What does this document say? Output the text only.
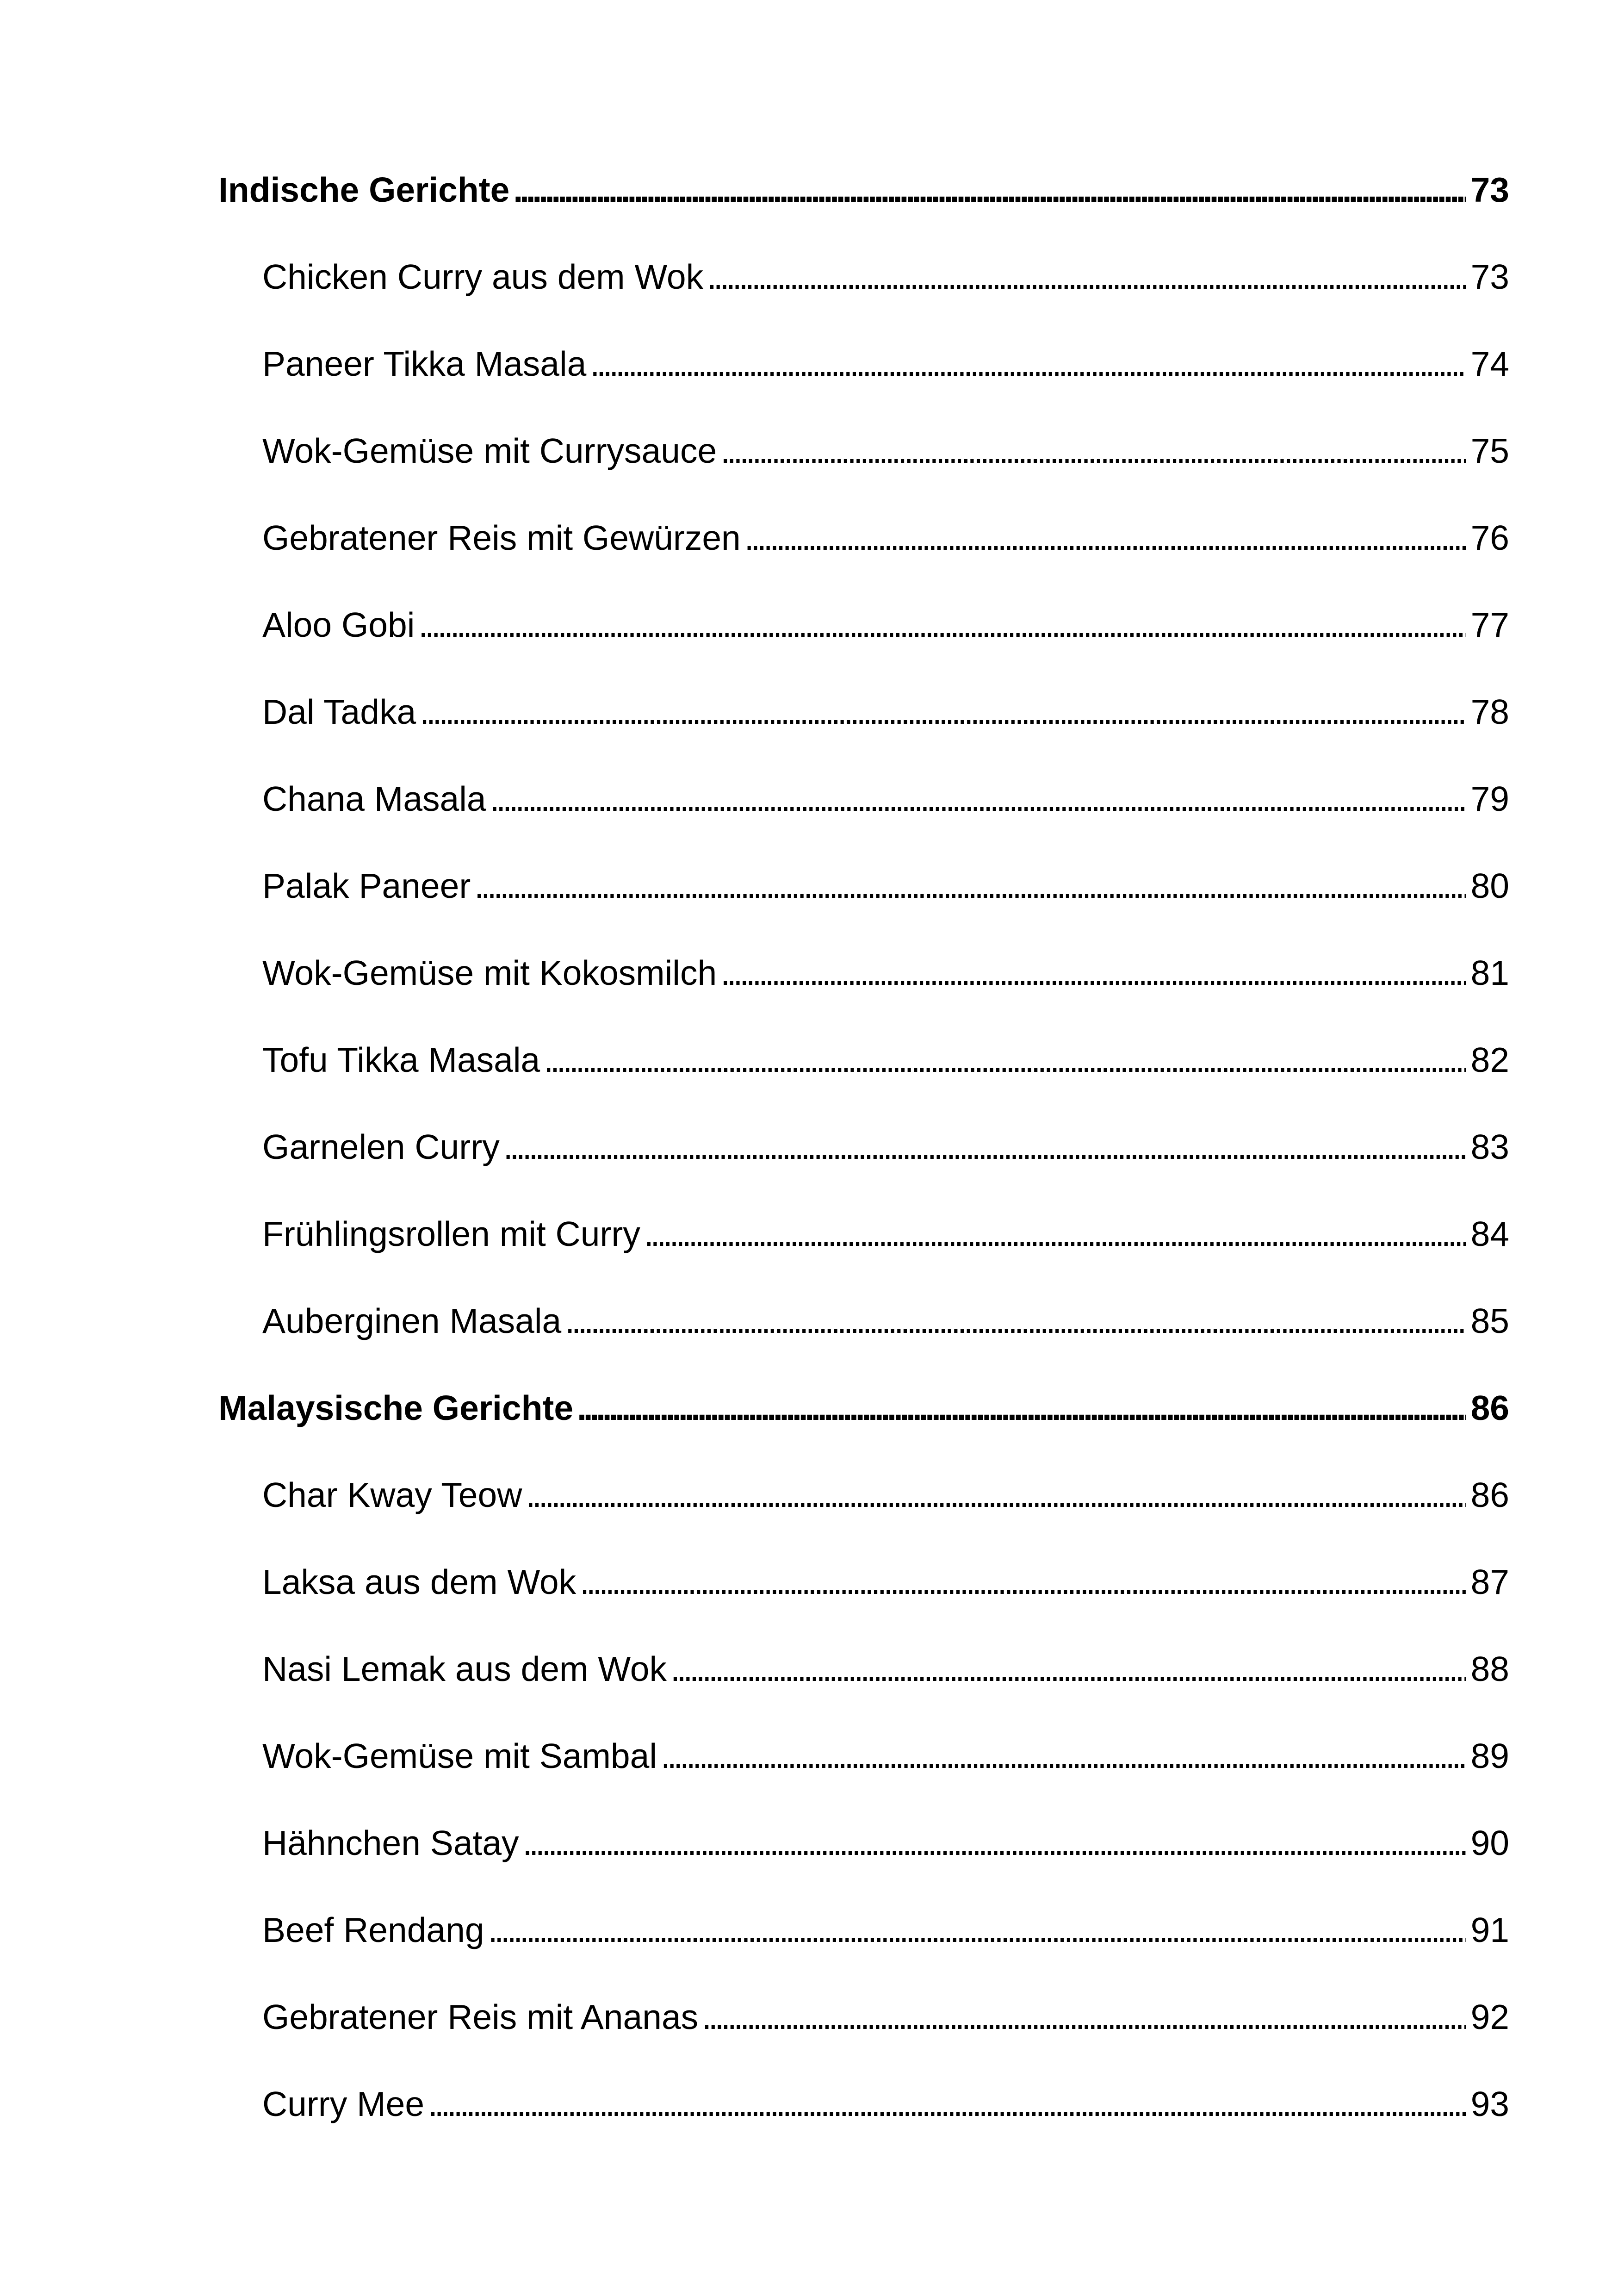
Indische Gerichte . . .	73
Chicken Curry aus dem Wok . . .	73
Paneer Tikka Masala . . .	74
Wok-Gemüse mit Currysauce . . .	75
Gebratener Reis mit Gewürzen . . .	76
Aloo Gobi . . .	77
Dal Tadka . . .	78
Chana Masala . . .	79
Palak Paneer . . .	80
Wok-Gemüse mit Kokosmilch . . .	81
Tofu Tikka Masala . . .	82
Garnelen Curry . . .	83
Frühlingsrollen mit Curry . . .	84
Auberginen Masala . . .	85
Malaysische Gerichte . . .	86
Char Kway Teow . . .	86
Laksa aus dem Wok . . .	87
Nasi Lemak aus dem Wok . . .	88
Wok-Gemüse mit Sambal . . .	89
Hähnchen Satay . . .	90
Beef Rendang . . .	91
Gebratener Reis mit Ananas . . .	92
Curry Mee . . .	93
